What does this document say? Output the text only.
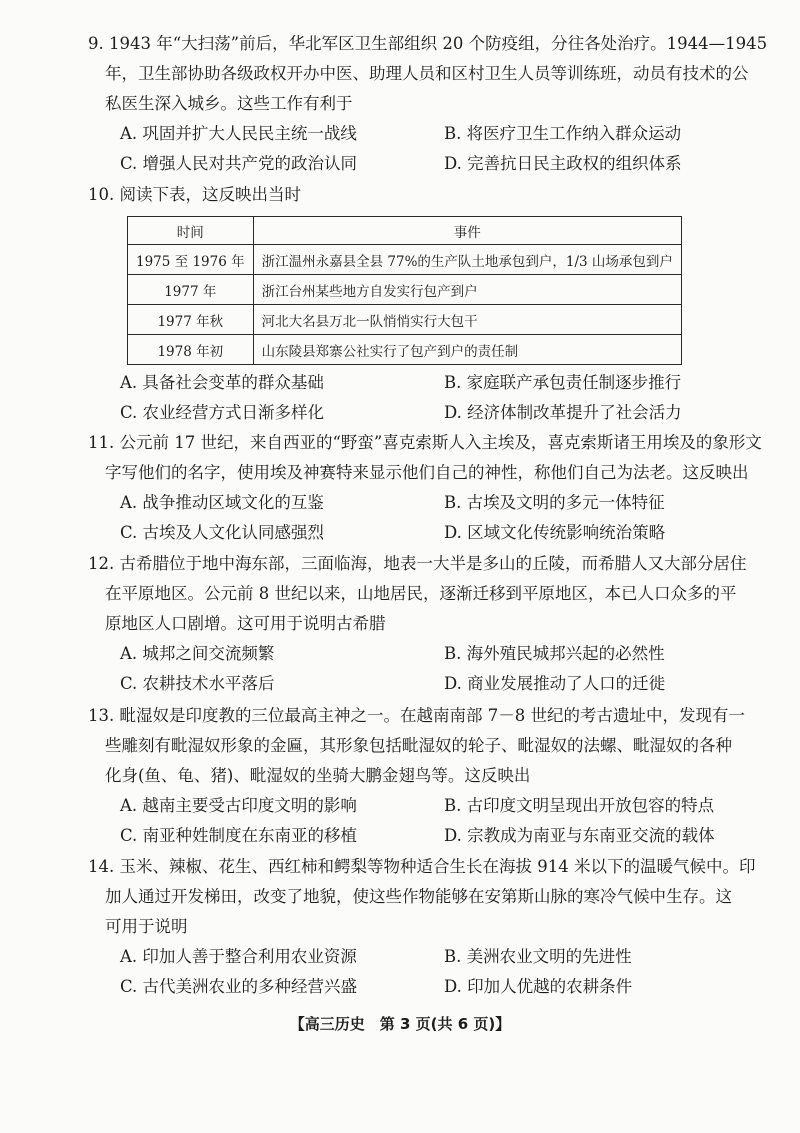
9. 1943 年“大扫荡”前后，华北军区卫生部组织 20 个防疫组，分往各处治疗。1944—1945
年，卫生部协助各级政权开办中医、助理人员和区村卫生人员等训练班，动员有技术的公
私医生深入城乡。这些工作有利于
A. 巩固并扩大人民民主统一战线	B. 将医疗卫生工作纳入群众运动
C. 增强人民对共产党的政治认同	D. 完善抗日民主政权的组织体系
10. 阅读下表，这反映出当时
时间	事件
1975 至 1976 年	浙江温州永嘉县全县 77%的生产队土地承包到户，1/3 山场承包到户
1977 年	浙江台州某些地方自发实行包产到户
1977 年秋	河北大名县万北一队悄悄实行大包干
1978 年初	山东陵县郑寨公社实行了包产到户的责任制
A. 具备社会变革的群众基础	B. 家庭联产承包责任制逐步推行
C. 农业经营方式日渐多样化	D. 经济体制改革提升了社会活力
11. 公元前 17 世纪，来自西亚的“野蛮”喜克索斯人入主埃及，喜克索斯诸王用埃及的象形文
字写他们的名字，使用埃及神赛特来显示他们自己的神性，称他们自己为法老。这反映出
A. 战争推动区域文化的互鉴	B. 古埃及文明的多元一体特征
C. 古埃及人文化认同感强烈	D. 区域文化传统影响统治策略
12. 古希腊位于地中海东部，三面临海，地表一大半是多山的丘陵，而希腊人又大部分居住
在平原地区。公元前 8 世纪以来，山地居民，逐渐迁移到平原地区，本已人口众多的平
原地区人口剧增。这可用于说明古希腊
A. 城邦之间交流频繁	B. 海外殖民城邦兴起的必然性
C. 农耕技术水平落后	D. 商业发展推动了人口的迁徙
13. 毗湿奴是印度教的三位最高主神之一。在越南南部 7－8 世纪的考古遗址中，发现有一
些雕刻有毗湿奴形象的金匾，其形象包括毗湿奴的轮子、毗湿奴的法螺、毗湿奴的各种
化身(鱼、龟、猪)、毗湿奴的坐骑大鹏金翅鸟等。这反映出
A. 越南主要受古印度文明的影响	B. 古印度文明呈现出开放包容的特点
C. 南亚种姓制度在东南亚的移植	D. 宗教成为南亚与东南亚交流的载体
14. 玉米、辣椒、花生、西红柿和鳄梨等物种适合生长在海拔 914 米以下的温暖气候中。印
加人通过开发梯田，改变了地貌，使这些作物能够在安第斯山脉的寒冷气候中生存。这
可用于说明
A. 印加人善于整合利用农业资源	B. 美洲农业文明的先进性
C. 古代美洲农业的多种经营兴盛	D. 印加人优越的农耕条件
【高三历史　第 3 页(共 6 页)】
